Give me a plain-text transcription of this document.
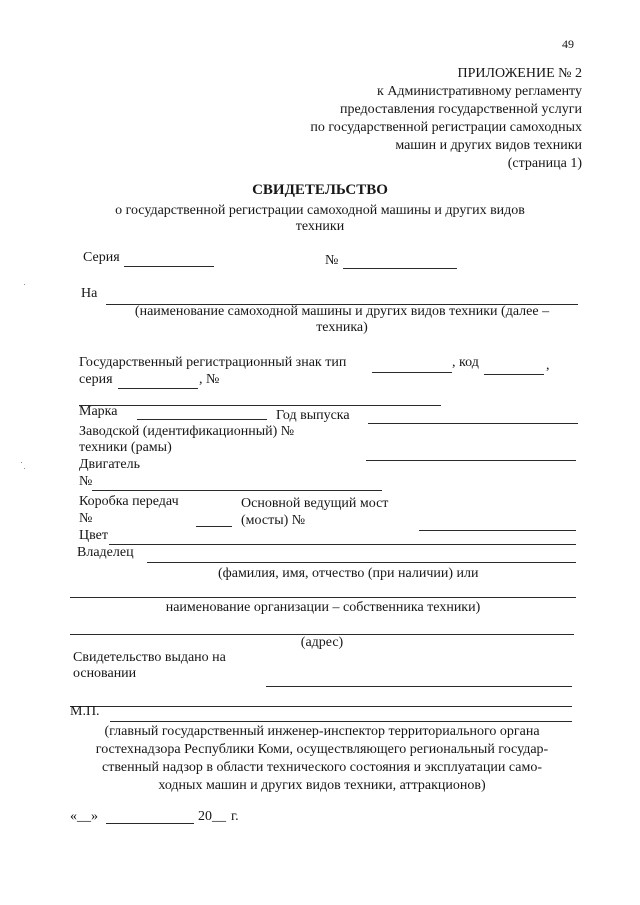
49
ПРИЛОЖЕНИЕ № 2
к Административному регламенту
предоставления государственной услуги
по государственной регистрации самоходных
машин и других видов техники
(страница 1)
СВИДЕТЕЛЬСТВО
о государственной регистрации самоходной машины и других видов
техники
Серия	№
На
(наименование самоходной машины и других видов техники (далее –
техника)
Государственный регистрационный знак тип	, код	,
серия	, №
Марка	Год выпуска
Заводской (идентификационный) №
техники (рамы)
Двигатель
№
Коробка передач
№
Основной ведущий мост
(мосты) №
Цвет
Владелец
(фамилия, имя, отчество (при наличии) или
наименование организации – собственника техники)
(адрес)
Свидетельство выдано на
основании
М.П.
(главный государственный инженер-инспектор территориального органа
гостехнадзора Республики Коми, осуществляющего региональный государ-
ственный надзор в области технического состояния и эксплуатации само-
ходных машин и других видов техники, аттракционов)
«__»	20__ г.
